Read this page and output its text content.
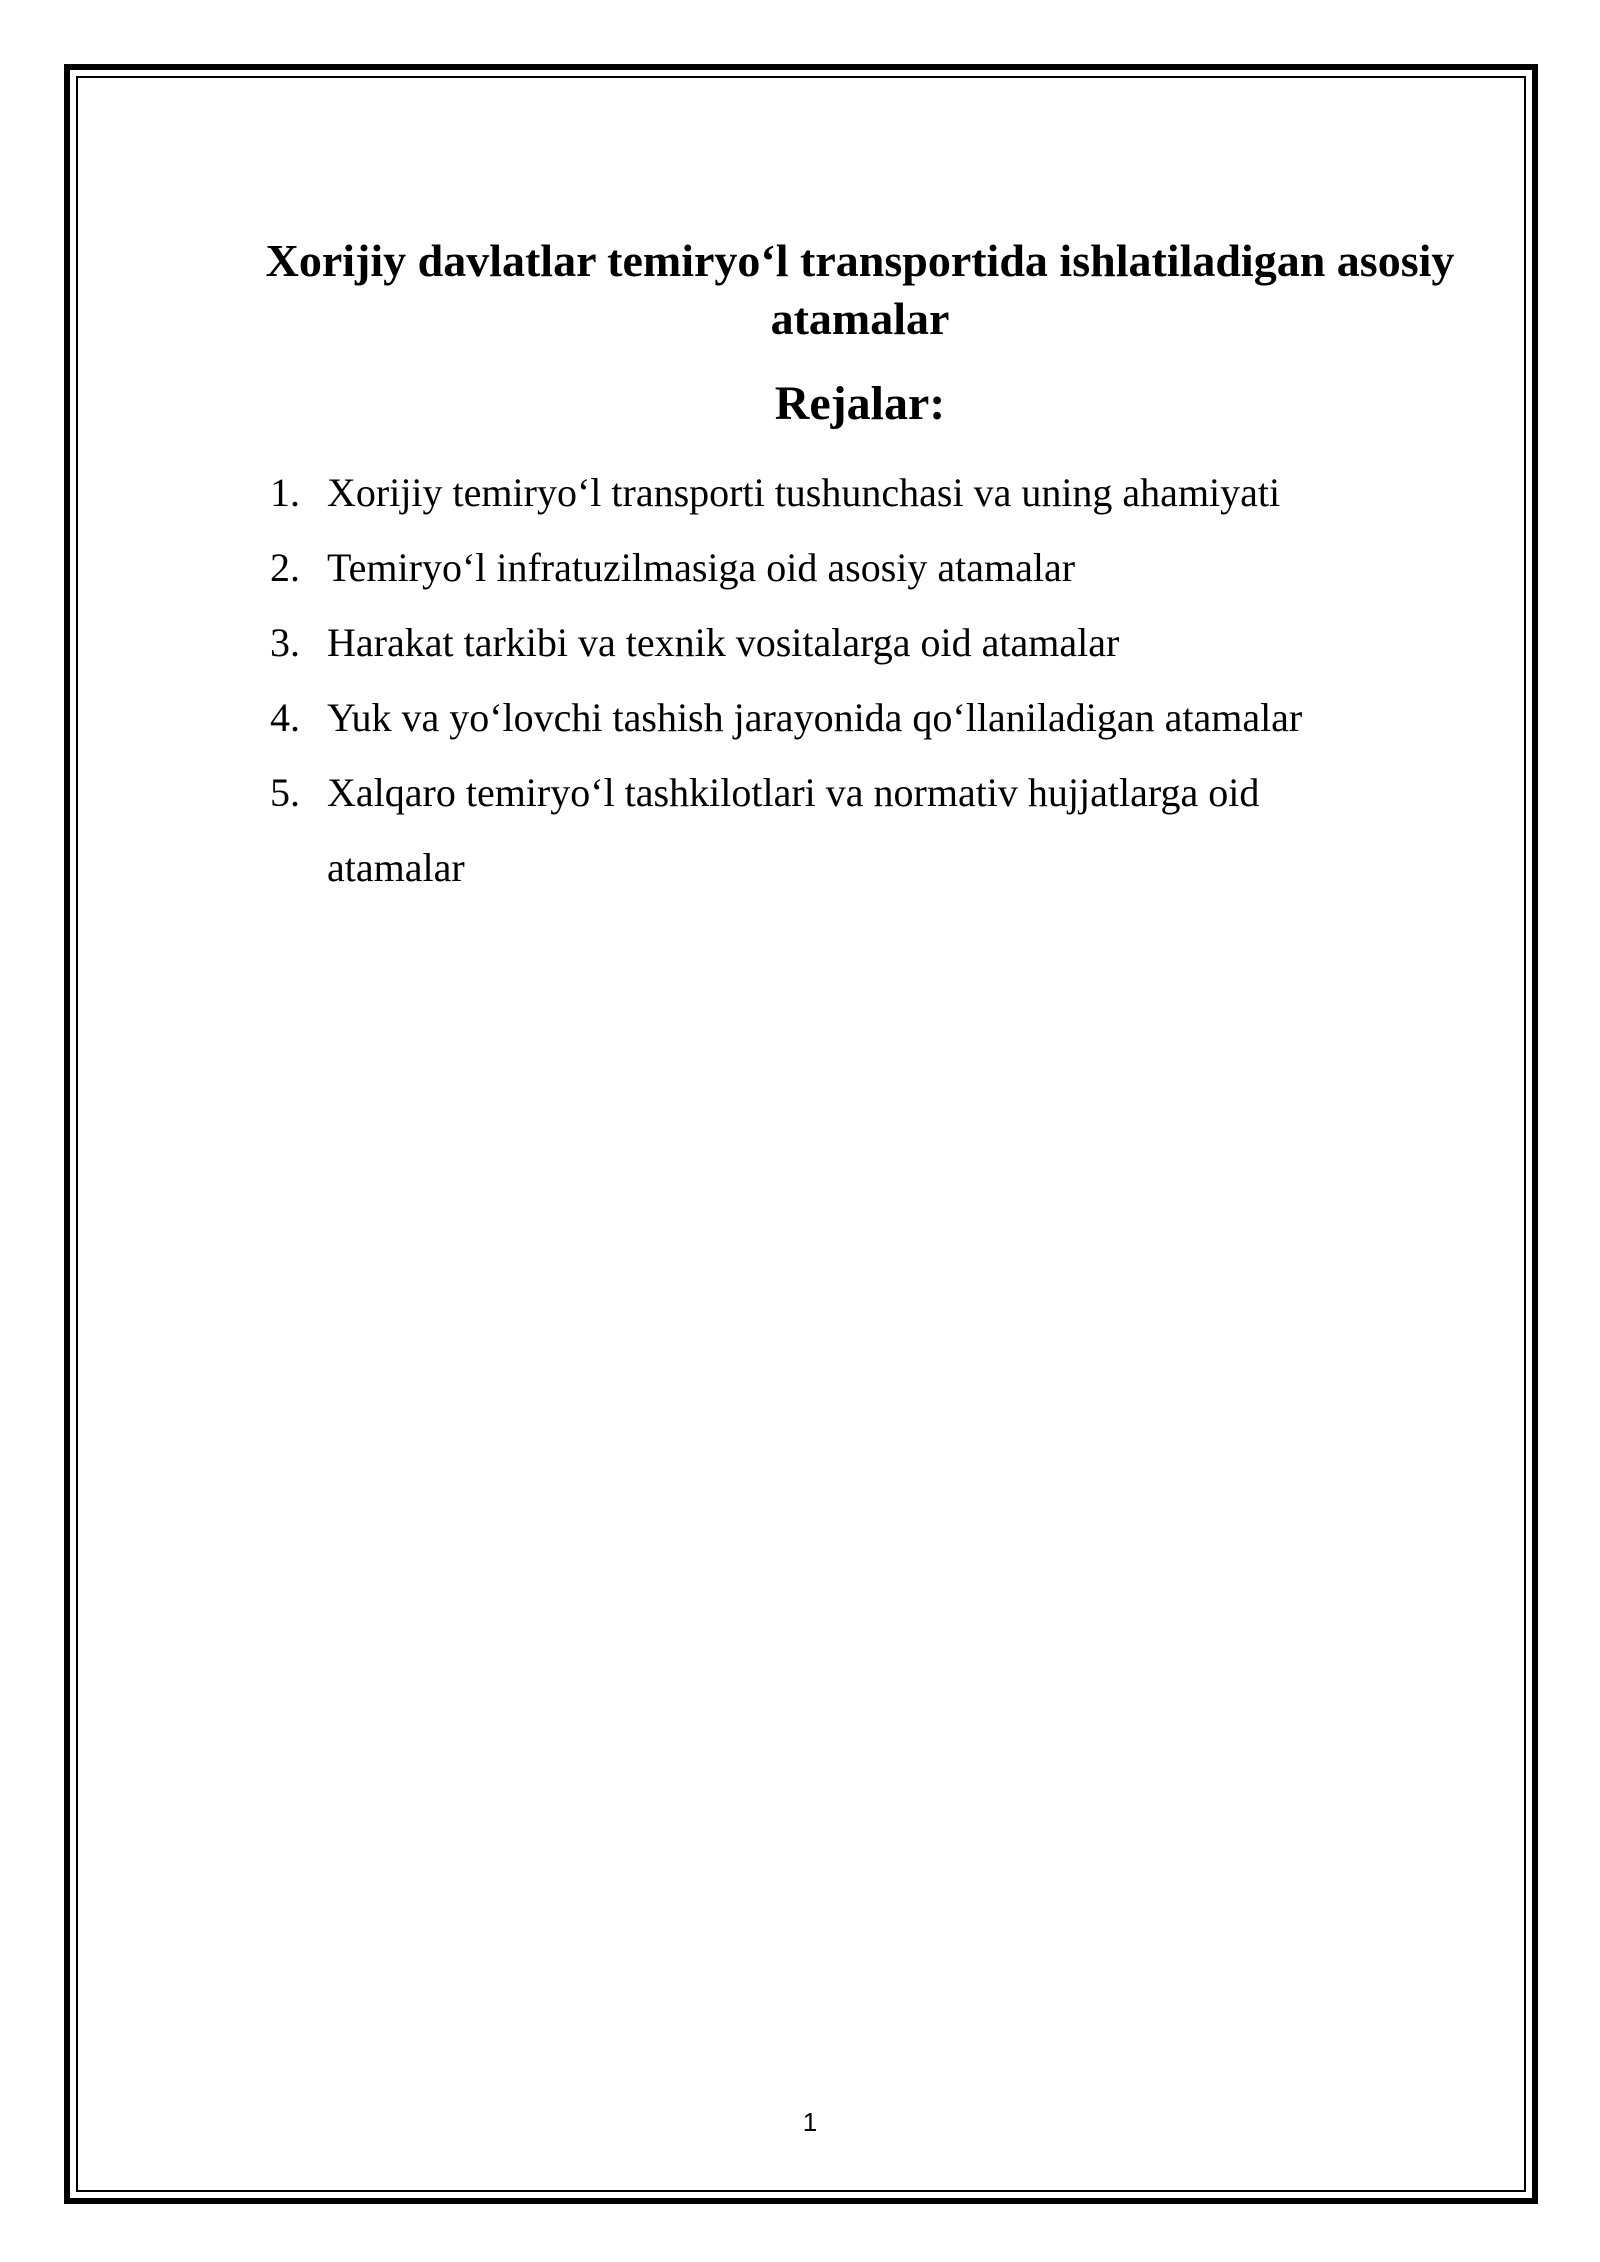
Xorijiy davlatlar temiryo‘l transportida ishlatiladigan asosiy atamalar
Rejalar:
1. Xorijiy temiryo‘l transporti tushunchasi va uning ahamiyati
2. Temiryo‘l infratuzilmasiga oid asosiy atamalar
3. Harakat tarkibi va texnik vositalarga oid atamalar
4. Yuk va yo‘lovchi tashish jarayonida qo‘llaniladigan atamalar
5. Xalqaro temiryo‘l tashkilotlari va normativ hujjatlarga oid atamalar
1
